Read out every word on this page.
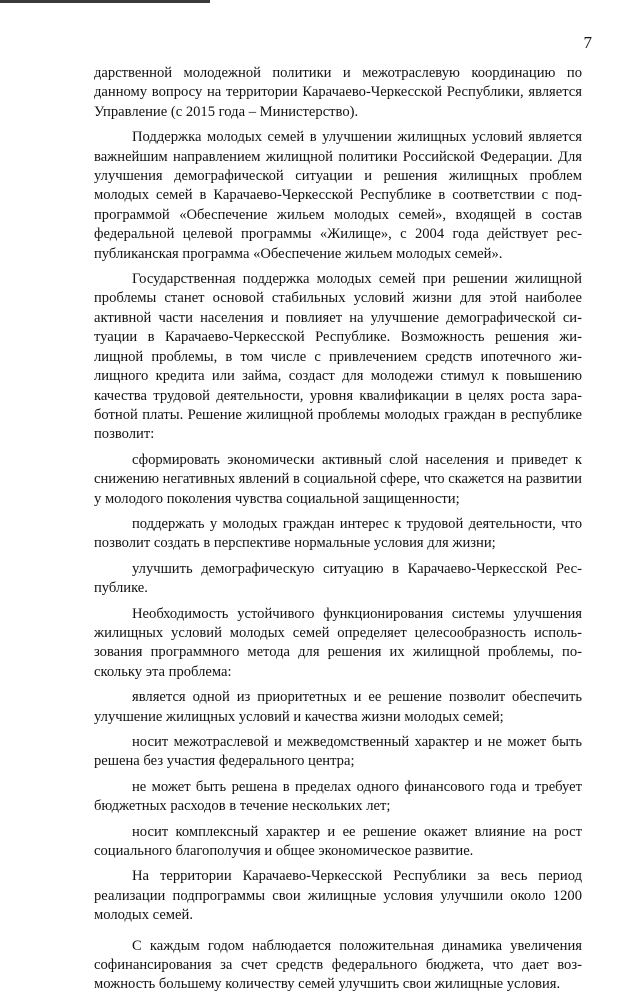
7

дарственной молодежной политики и межотраслевую координацию по данному вопросу на территории Карачаево-Черкесской Республики, является Управление (с 2015 года – Министерство).

Поддержка молодых семей в улучшении жилищных условий является важнейшим направлением жилищной политики Российской Федерации. Для улучшения демографической ситуации и решения жилищных проблем молодых семей в Карачаево-Черкесской Республике в соответствии с подпрограммой «Обеспечение жильем молодых семей», входящей в состав федеральной целевой программы «Жилище», с 2004 года действует республиканская программа «Обеспечение жильем молодых семей».

Государственная поддержка молодых семей при решении жилищной проблемы станет основой стабильных условий жизни для этой наиболее активной части населения и повлияет на улучшение демографической ситуации в Карачаево-Черкесской Республике. Возможность решения жилищной проблемы, в том числе с привлечением средств ипотечного жилищного кредита или займа, создаст для молодежи стимул к повышению качества трудовой деятельности, уровня квалификации в целях роста заработной платы. Решение жилищной проблемы молодых граждан в республике позволит:

сформировать экономически активный слой населения и приведет к снижению негативных явлений в социальной сфере, что скажется на развитии у молодого поколения чувства социальной защищенности;

поддержать у молодых граждан интерес к трудовой деятельности, что позволит создать в перспективе нормальные условия для жизни;

улучшить демографическую ситуацию в Карачаево-Черкесской Республике.

Необходимость устойчивого функционирования системы улучшения жилищных условий молодых семей определяет целесообразность использования программного метода для решения их жилищной проблемы, поскольку эта проблема:

является одной из приоритетных и ее решение позволит обеспечить улучшение жилищных условий и качества жизни молодых семей;

носит межотраслевой и межведомственный характер и не может быть решена без участия федерального центра;

не может быть решена в пределах одного финансового года и требует бюджетных расходов в течение нескольких лет;

носит комплексный характер и ее решение окажет влияние на рост социального благополучия и общее экономическое развитие.

На территории Карачаево-Черкесской Республики за весь период реализации подпрограммы свои жилищные условия улучшили около 1200 молодых семей.

С каждым годом наблюдается положительная динамика увеличения софинансирования за счет средств федерального бюджета, что дает возможность большему количеству семей улучшить свои жилищные условия.
